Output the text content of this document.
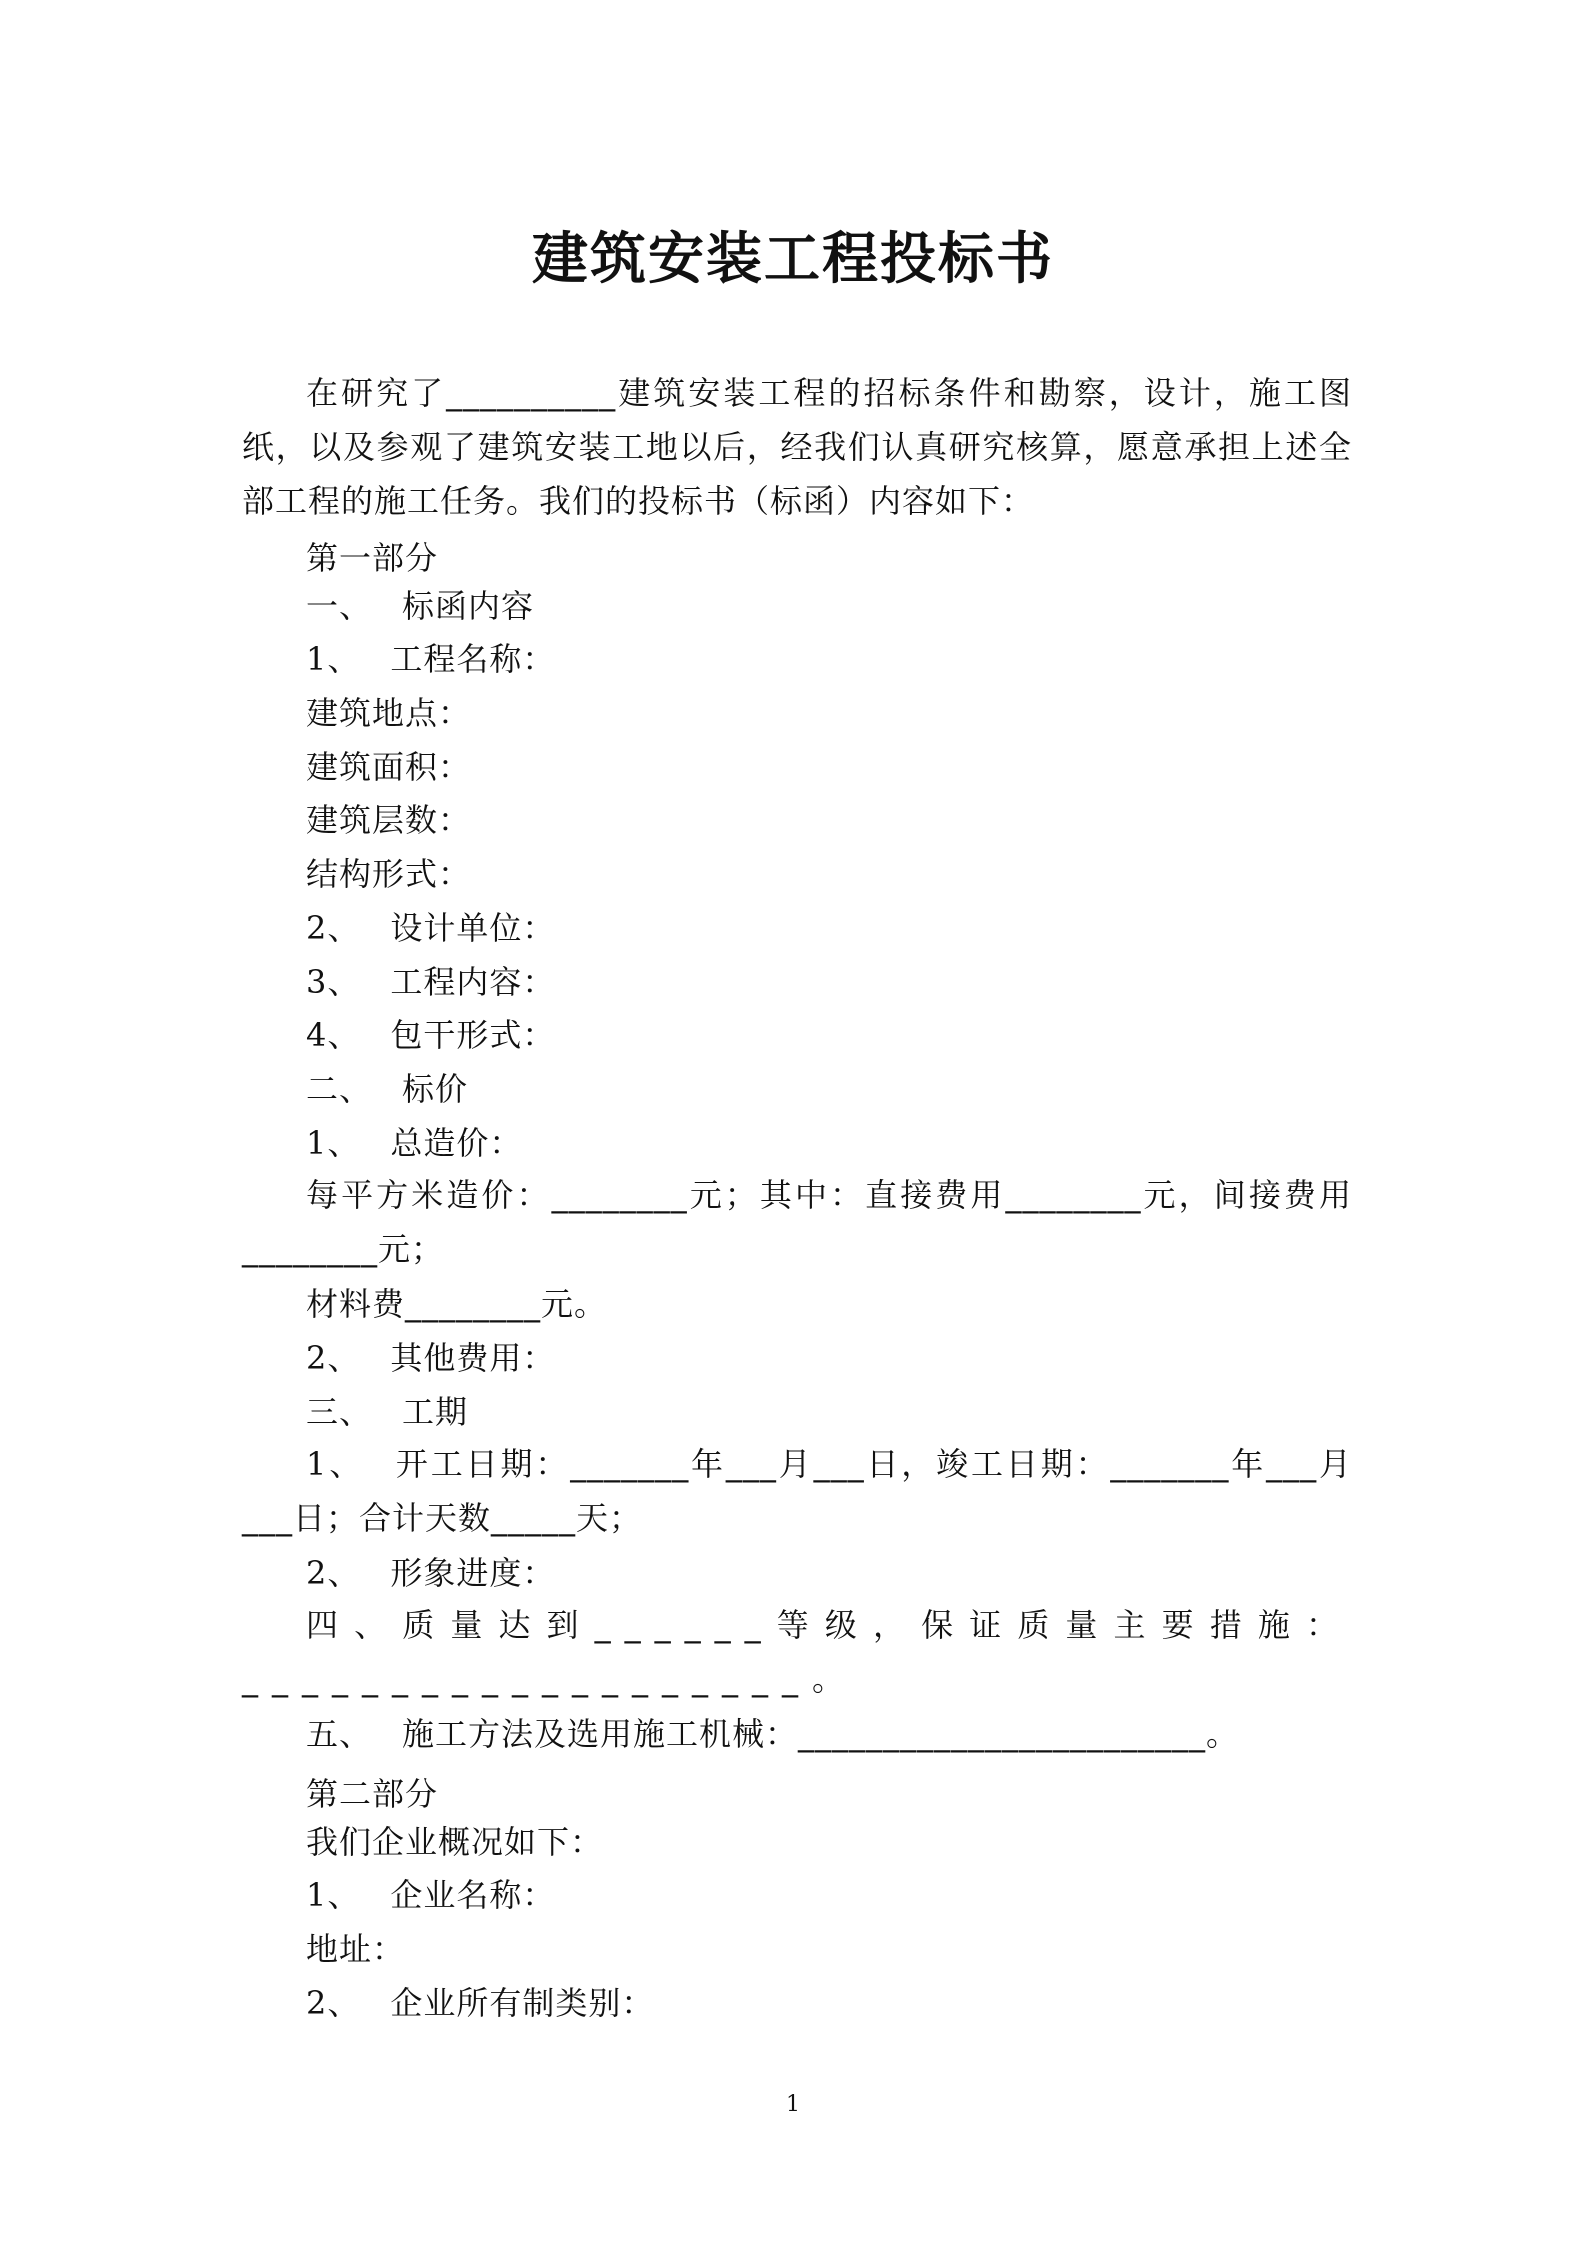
建筑安装工程投标书
在研究了__________建筑安装工程的招标条件和勘察，设计，施工图纸，以及参观了建筑安装工地以后，经我们认真研究核算，愿意承担上述全部工程的施工任务。我们的投标书（标函）内容如下：
第一部分
一、 标函内容
1、 工程名称：
建筑地点：
建筑面积：
建筑层数：
结构形式：
2、 设计单位：
3、 工程内容：
4、 包干形式：
二、 标价
1、 总造价：
每平方米造价：________元；其中：直接费用________元，间接费用________元；
材料费________元。
2、 其他费用：
三、 工期
1、 开工日期：_______年___月___日，竣工日期：_______年___月___日；合计天数_____天；
2、 形象进度：
四、质量达到______等级，保证质量主要措施：___________________。
五、 施工方法及选用施工机械：________________________。
第二部分
我们企业概况如下：
1、 企业名称：
地址：
2、 企业所有制类别：
1
